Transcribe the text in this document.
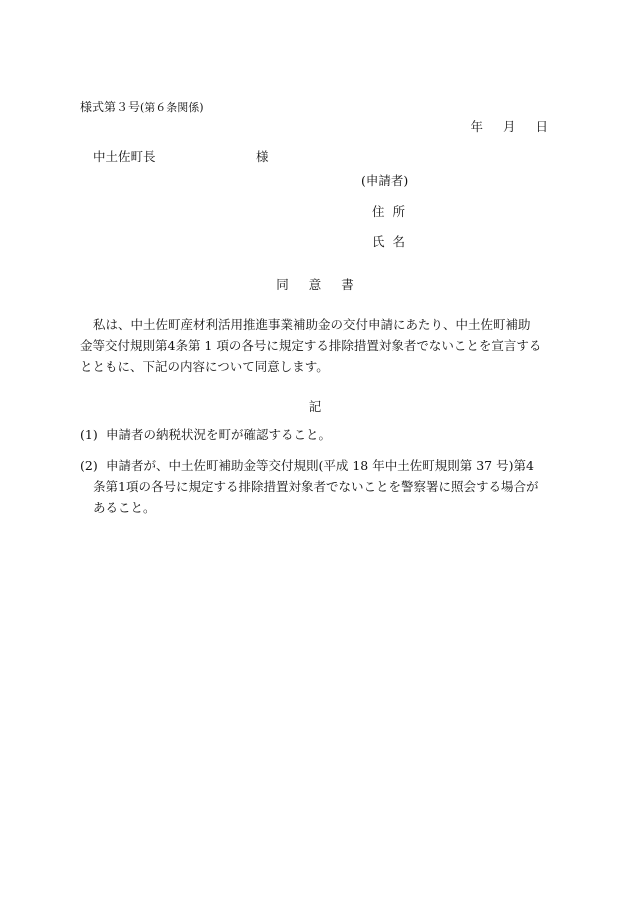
様式第３号(第６条関係)
年 月 日
中土佐町長	様
(申請者)
住所
氏名
同 意 書
私は、中土佐町産材利活用推進事業補助金の交付申請にあたり、中土佐町補助
金等交付規則第4条第 1 項の各号に規定する排除措置対象者でないことを宣言する
とともに、下記の内容について同意します。
記
(1) 申請者の納税状況を町が確認すること。
(2) 申請者が、中土佐町補助金等交付規則(平成 18 年中土佐町規則第 37 号)第4
条第1項の各号に規定する排除措置対象者でないことを警察署に照会する場合が
あること。
